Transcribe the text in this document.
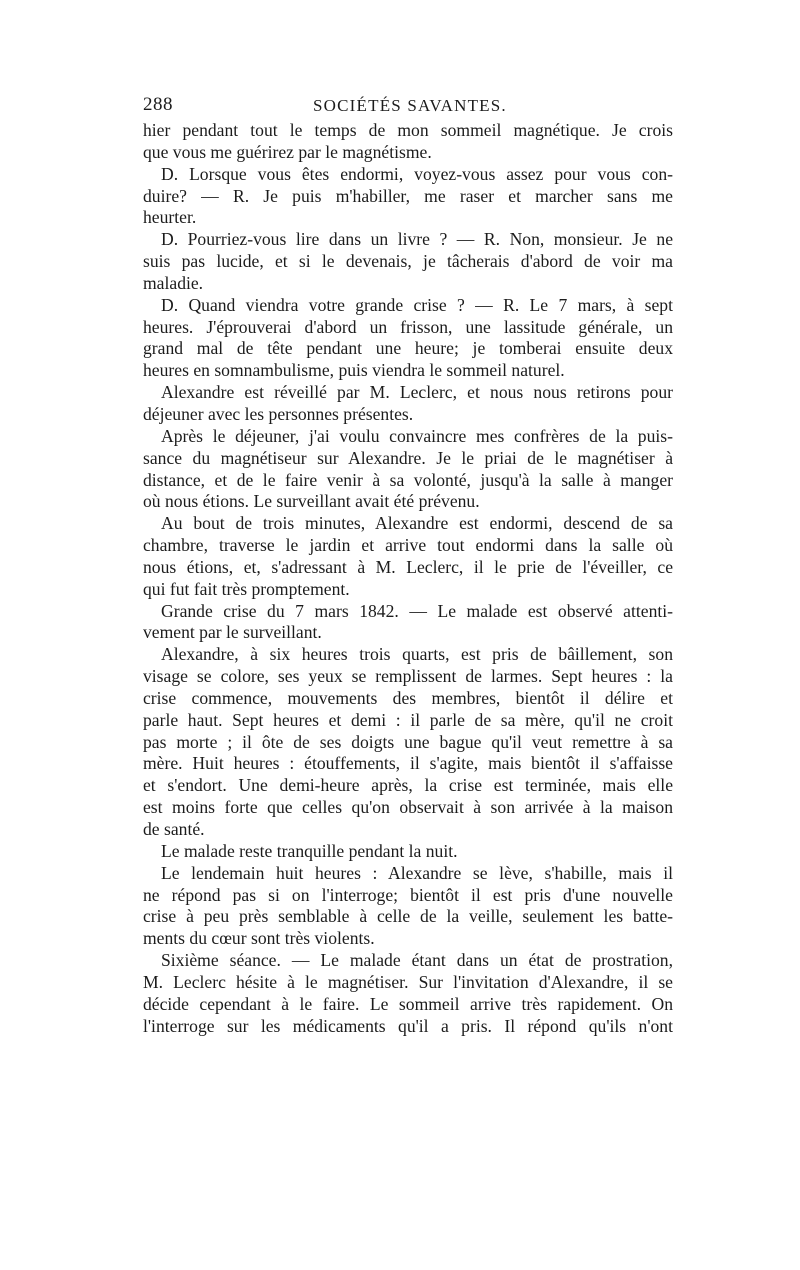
288	SOCIÉTÉS SAVANTES.
hier pendant tout le temps de mon sommeil magnétique. Je crois
que vous me guérirez par le magnétisme.
D. Lorsque vous êtes endormi, voyez-vous assez pour vous con-
duire? — R. Je puis m'habiller, me raser et marcher sans me
heurter.
D. Pourriez-vous lire dans un livre ? — R. Non, monsieur. Je ne
suis pas lucide, et si le devenais, je tâcherais d'abord de voir ma
maladie.
D. Quand viendra votre grande crise ? — R. Le 7 mars, à sept
heures. J'éprouverai d'abord un frisson, une lassitude générale, un
grand mal de tête pendant une heure; je tomberai ensuite deux
heures en somnambulisme, puis viendra le sommeil naturel.
Alexandre est réveillé par M. Leclerc, et nous nous retirons pour
déjeuner avec les personnes présentes.
Après le déjeuner, j'ai voulu convaincre mes confrères de la puis-
sance du magnétiseur sur Alexandre. Je le priai de le magnétiser à
distance, et de le faire venir à sa volonté, jusqu'à la salle à manger
où nous étions. Le surveillant avait été prévenu.
Au bout de trois minutes, Alexandre est endormi, descend de sa
chambre, traverse le jardin et arrive tout endormi dans la salle où
nous étions, et, s'adressant à M. Leclerc, il le prie de l'éveiller, ce
qui fut fait très promptement.
Grande crise du 7 mars 1842. — Le malade est observé attenti-
vement par le surveillant.
Alexandre, à six heures trois quarts, est pris de bâillement, son
visage se colore, ses yeux se remplissent de larmes. Sept heures : la
crise commence, mouvements des membres, bientôt il délire et
parle haut. Sept heures et demi : il parle de sa mère, qu'il ne croit
pas morte ; il ôte de ses doigts une bague qu'il veut remettre à sa
mère. Huit heures : étouffements, il s'agite, mais bientôt il s'affaisse
et s'endort. Une demi-heure après, la crise est terminée, mais elle
est moins forte que celles qu'on observait à son arrivée à la maison
de santé.
Le malade reste tranquille pendant la nuit.
Le lendemain huit heures : Alexandre se lève, s'habille, mais il
ne répond pas si on l'interroge; bientôt il est pris d'une nouvelle
crise à peu près semblable à celle de la veille, seulement les batte-
ments du cœur sont très violents.
Sixième séance. — Le malade étant dans un état de prostration,
M. Leclerc hésite à le magnétiser. Sur l'invitation d'Alexandre, il se
décide cependant à le faire. Le sommeil arrive très rapidement. On
l'interroge sur les médicaments qu'il a pris. Il répond qu'ils n'ont
